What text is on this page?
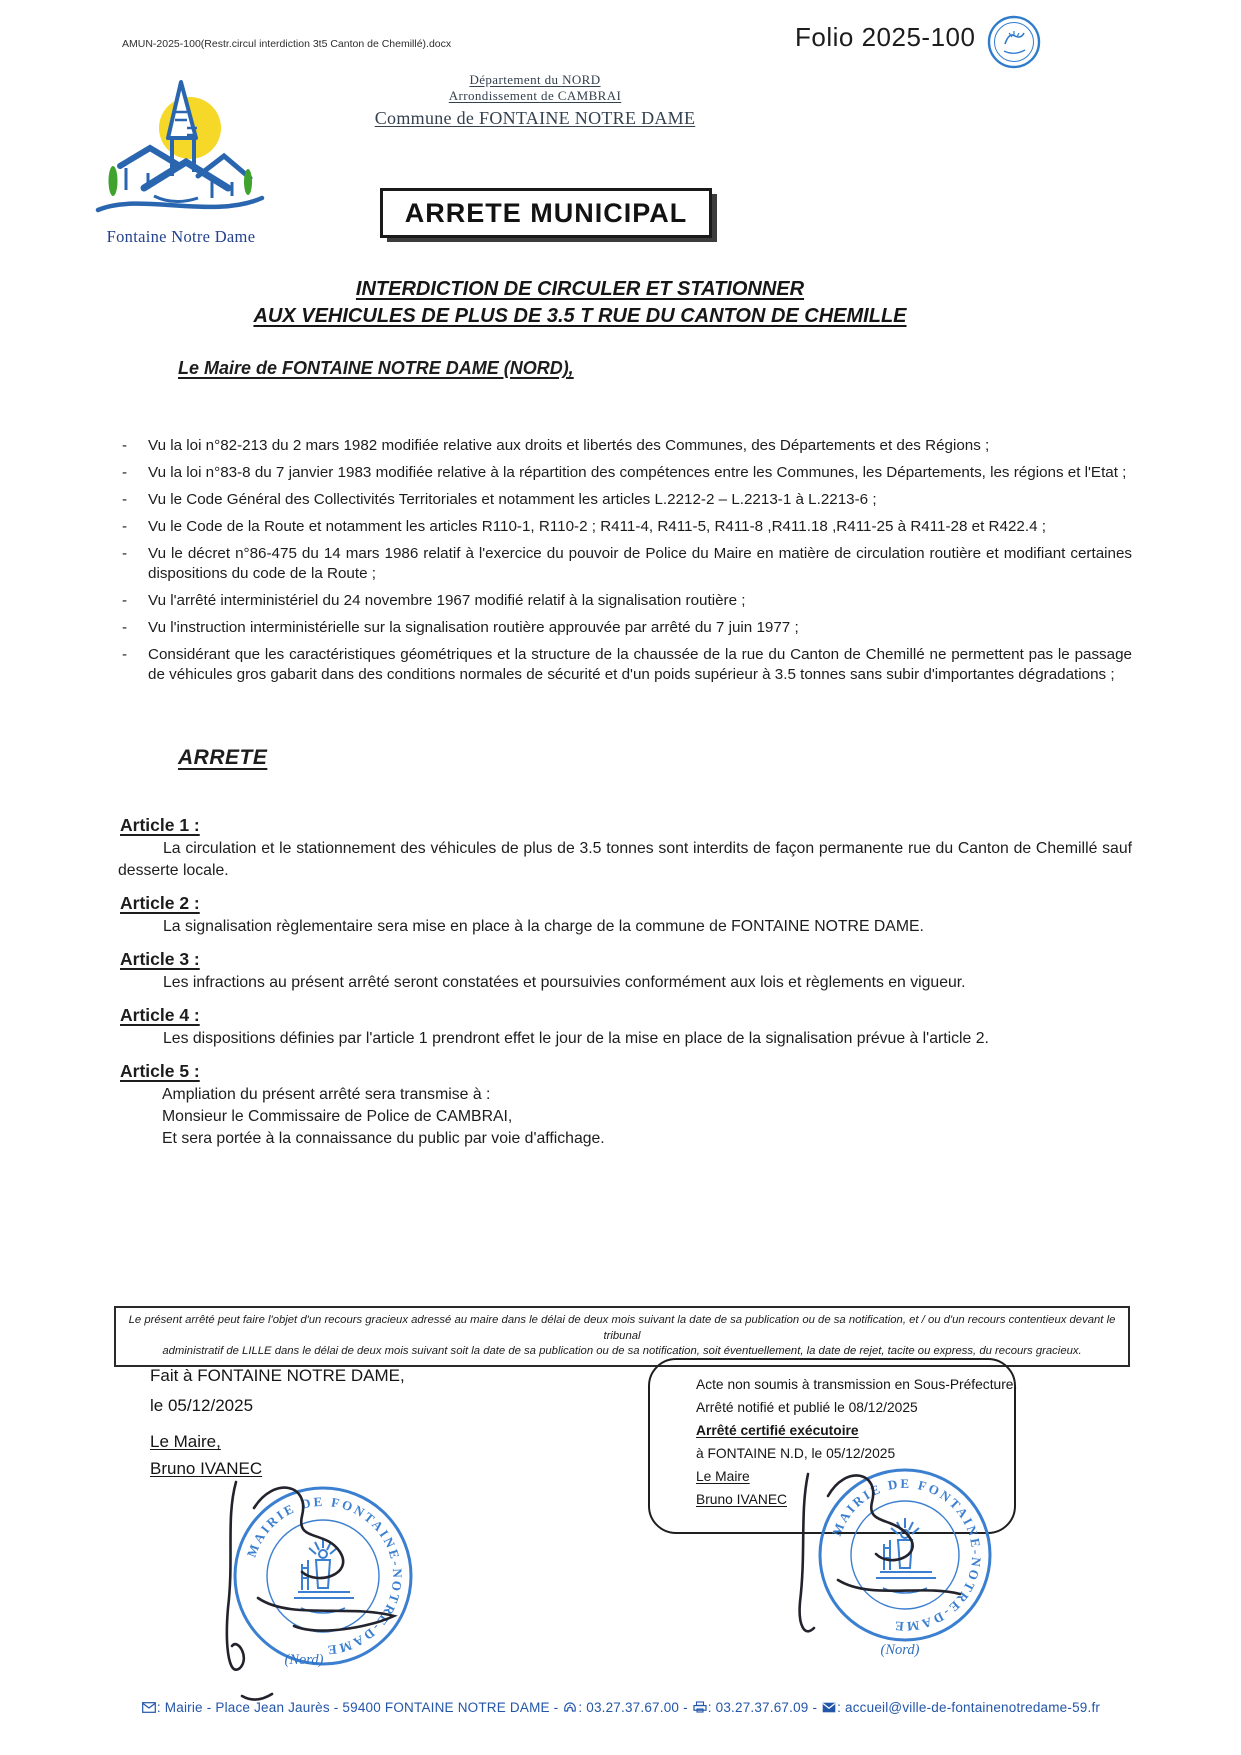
AMUN-2025-100(Restr.circul interdiction 3t5 Canton de Chemillé).docx	Folio 2025-100
Département du NORD
Arrondissement de CAMBRAI
Commune de FONTAINE NOTRE DAME
Fontaine Notre Dame
ARRETE MUNICIPAL
INTERDICTION DE CIRCULER ET STATIONNER
AUX VEHICULES DE PLUS DE 3.5 T RUE DU CANTON DE CHEMILLE
Le Maire de FONTAINE NOTRE DAME (NORD),
- Vu la loi n°82-213 du 2 mars 1982 modifiée relative aux droits et libertés des Communes, des Départements et des Régions ;
- Vu la loi n°83-8 du 7 janvier 1983 modifiée relative à la répartition des compétences entre les Communes, les Départements, les régions et l'Etat ;
- Vu le Code Général des Collectivités Territoriales et notamment les articles L.2212-2 – L.2213-1 à L.2213-6 ;
- Vu le Code de la Route et notamment les articles R110-1, R110-2 ; R411-4, R411-5, R411-8 ,R411.18 ,R411-25 à R411-28 et R422.4 ;
- Vu le décret n°86-475 du 14 mars 1986 relatif à l'exercice du pouvoir de Police du Maire en matière de circulation routière et modifiant certaines dispositions du code de la Route ;
- Vu l'arrêté interministériel du 24 novembre 1967 modifié relatif à la signalisation routière ;
- Vu l'instruction interministérielle sur la signalisation routière approuvée par arrêté du 7 juin 1977 ;
- Considérant que les caractéristiques géométriques et la structure de la chaussée de la rue du Canton de Chemillé ne permettent pas le passage de véhicules gros gabarit dans des conditions normales de sécurité et d'un poids supérieur à 3.5 tonnes sans subir d'importantes dégradations ;
ARRETE
Article 1 :

La circulation et le stationnement des véhicules de plus de 3.5 tonnes sont interdits de façon permanente rue du Canton de Chemillé sauf desserte locale.

Article 2 :

La signalisation règlementaire sera mise en place à la charge de la commune de FONTAINE NOTRE DAME.

Article 3 :

Les infractions au présent arrêté seront constatées et poursuivies conformément aux lois et règlements en vigueur.

Article 4 :

Les dispositions définies par l'article 1 prendront effet le jour de la mise en place de la signalisation prévue à l'article 2.

Article 5 :
Ampliation du présent arrêté sera transmise à :
Monsieur le Commissaire de Police de CAMBRAI,
Et sera portée à la connaissance du public par voie d'affichage.
Le présent arrêté peut faire l'objet d'un recours gracieux adressé au maire dans le délai de deux mois suivant la date de sa publication ou de sa notification, et / ou d'un recours contentieux devant le tribunal
administratif de LILLE dans le délai de deux mois suivant soit la date de sa publication ou de sa notification, soit éventuellement, la date de rejet, tacite ou express, du recours gracieux.
Fait à FONTAINE NOTRE DAME,
le 05/12/2025
Le Maire,
Bruno IVANEC
Acte non soumis à transmission en Sous-Préfecture.
Arrêté notifié et publié le 08/12/2025
Arrêté certifié exécutoire
à FONTAINE N.D, le 05/12/2025
Le Maire
Bruno IVANEC
MAIRIE DE FONTAINE-NOTRE-DAME
(Nord)
MAIRIE DE FONTAINE-NOTRE-DAME
(Nord)
: Mairie - Place Jean Jaurès - 59400 FONTAINE NOTRE DAME - : 03.27.37.67.00 - : 03.27.37.67.09 - : accueil@ville-de-fontainenotredame-59.fr
